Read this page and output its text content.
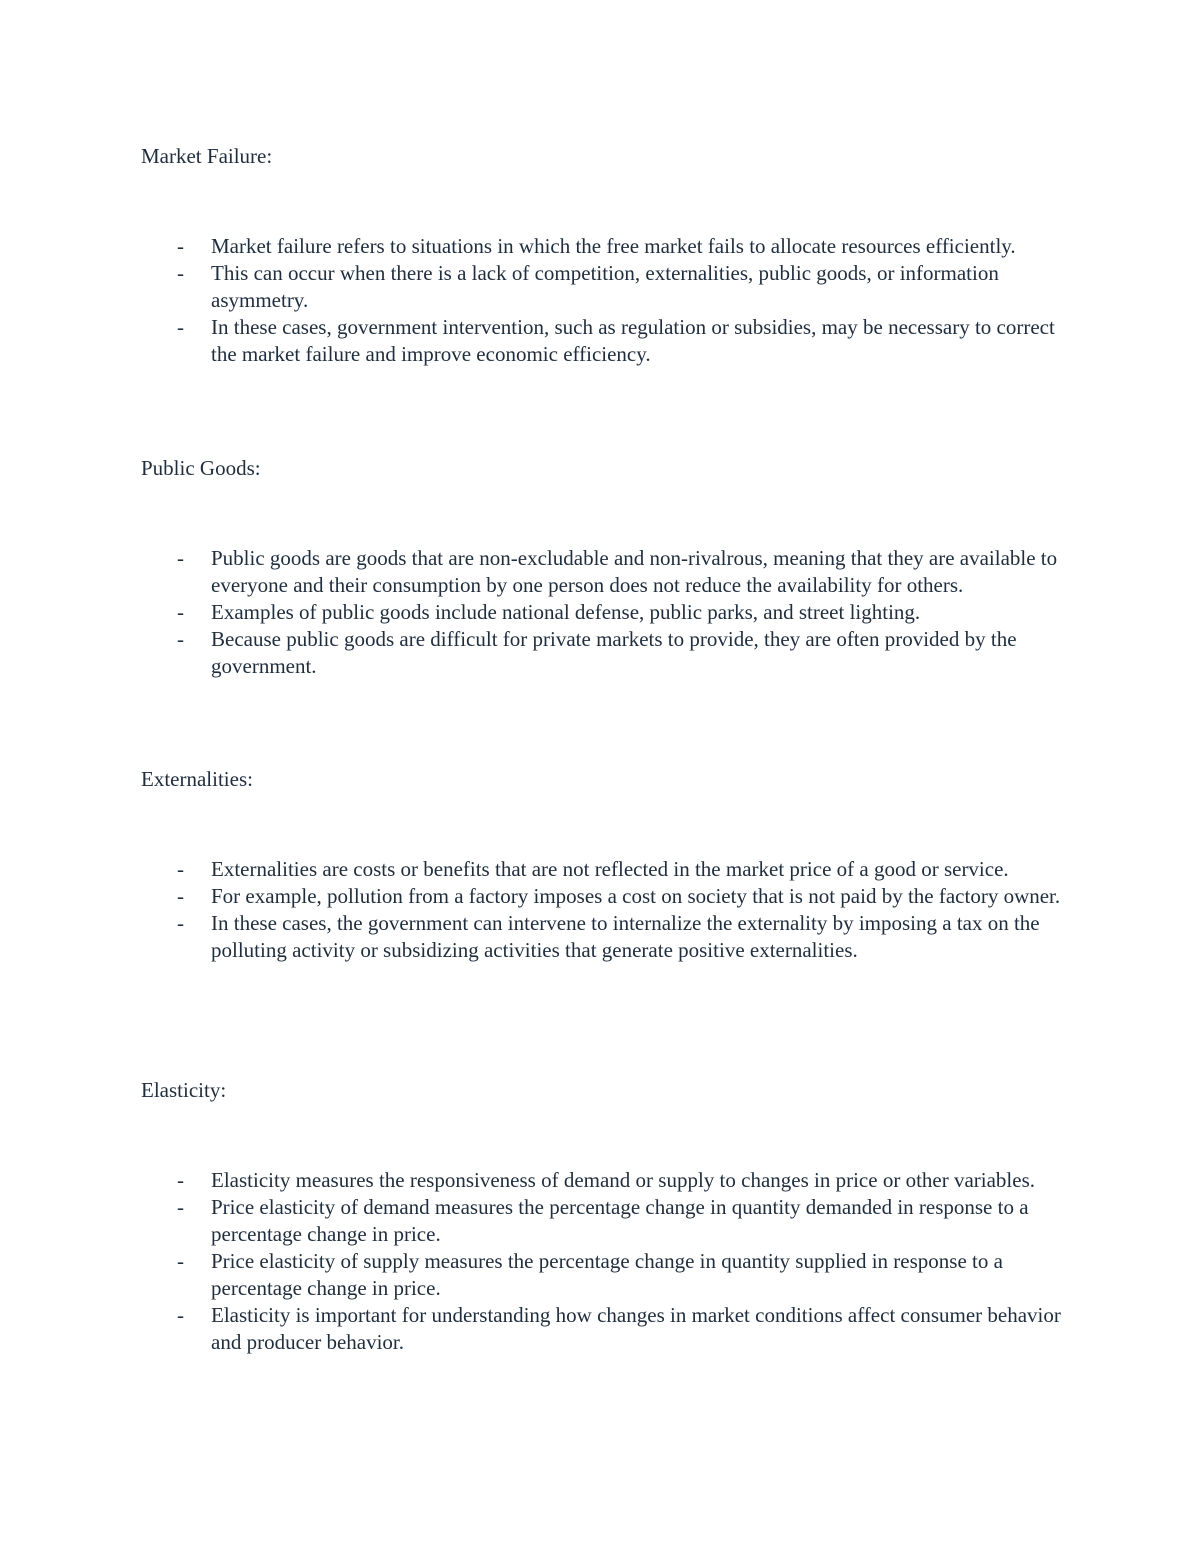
Market Failure:
- Market failure refers to situations in which the free market fails to allocate resources efficiently.
- This can occur when there is a lack of competition, externalities, public goods, or information asymmetry.
- In these cases, government intervention, such as regulation or subsidies, may be necessary to correct the market failure and improve economic efficiency.
Public Goods:
- Public goods are goods that are non-excludable and non-rivalrous, meaning that they are available to everyone and their consumption by one person does not reduce the availability for others.
- Examples of public goods include national defense, public parks, and street lighting.
- Because public goods are difficult for private markets to provide, they are often provided by the government.
Externalities:
- Externalities are costs or benefits that are not reflected in the market price of a good or service.
- For example, pollution from a factory imposes a cost on society that is not paid by the factory owner.
- In these cases, the government can intervene to internalize the externality by imposing a tax on the polluting activity or subsidizing activities that generate positive externalities.
Elasticity:
- Elasticity measures the responsiveness of demand or supply to changes in price or other variables.
- Price elasticity of demand measures the percentage change in quantity demanded in response to a percentage change in price.
- Price elasticity of supply measures the percentage change in quantity supplied in response to a percentage change in price.
- Elasticity is important for understanding how changes in market conditions affect consumer behavior and producer behavior.
